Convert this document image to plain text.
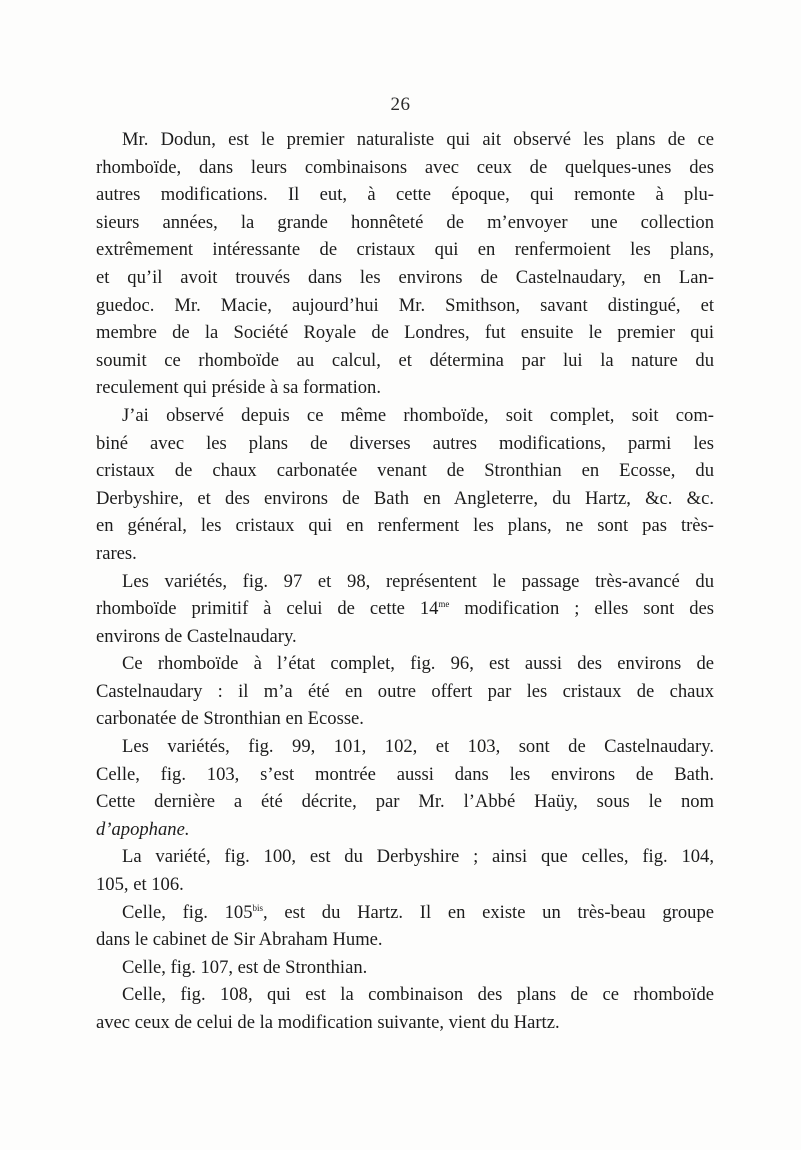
26
Mr. Dodun, est le premier naturaliste qui ait observé les plans de ce
rhomboïde, dans leurs combinaisons avec ceux de quelques-unes des
autres modifications. Il eut, à cette époque, qui remonte à plu-
sieurs années, la grande honnêteté de m’envoyer une collection
extrêmement intéressante de cristaux qui en renfermoient les plans,
et qu’il avoit trouvés dans les environs de Castelnaudary, en Lan-
guedoc. Mr. Macie, aujourd’hui Mr. Smithson, savant distingué, et
membre de la Société Royale de Londres, fut ensuite le premier qui
soumit ce rhomboïde au calcul, et détermina par lui la nature du
reculement qui préside à sa formation.
J’ai observé depuis ce même rhomboïde, soit complet, soit com-
biné avec les plans de diverses autres modifications, parmi les
cristaux de chaux carbonatée venant de Stronthian en Ecosse, du
Derbyshire, et des environs de Bath en Angleterre, du Hartz, &c. &c.
en général, les cristaux qui en renferment les plans, ne sont pas très-
rares.
Les variétés, fig. 97 et 98, représentent le passage très-avancé du
rhomboïde primitif à celui de cette $14^{me}$ modification ; elles sont des
environs de Castelnaudary.
Ce rhomboïde à l’état complet, fig. 96, est aussi des environs de
Castelnaudary : il m’a été en outre offert par les cristaux de chaux
carbonatée de Stronthian en Ecosse.
Les variétés, fig. 99, 101, 102, et 103, sont de Castelnaudary.
Celle, fig. 103, s’est montrée aussi dans les environs de Bath.
Cette dernière a été décrite, par Mr. l’Abbé Haüy, sous le nom
d’apophane.
La variété, fig. 100, est du Derbyshire ; ainsi que celles, fig. 104,
105, et 106.
Celle, fig. $105^{bis}$, est du Hartz. Il en existe un très-beau groupe
dans le cabinet de Sir Abraham Hume.
Celle, fig. 107, est de Stronthian.
Celle, fig. 108, qui est la combinaison des plans de ce rhomboïde
avec ceux de celui de la modification suivante, vient du Hartz.
